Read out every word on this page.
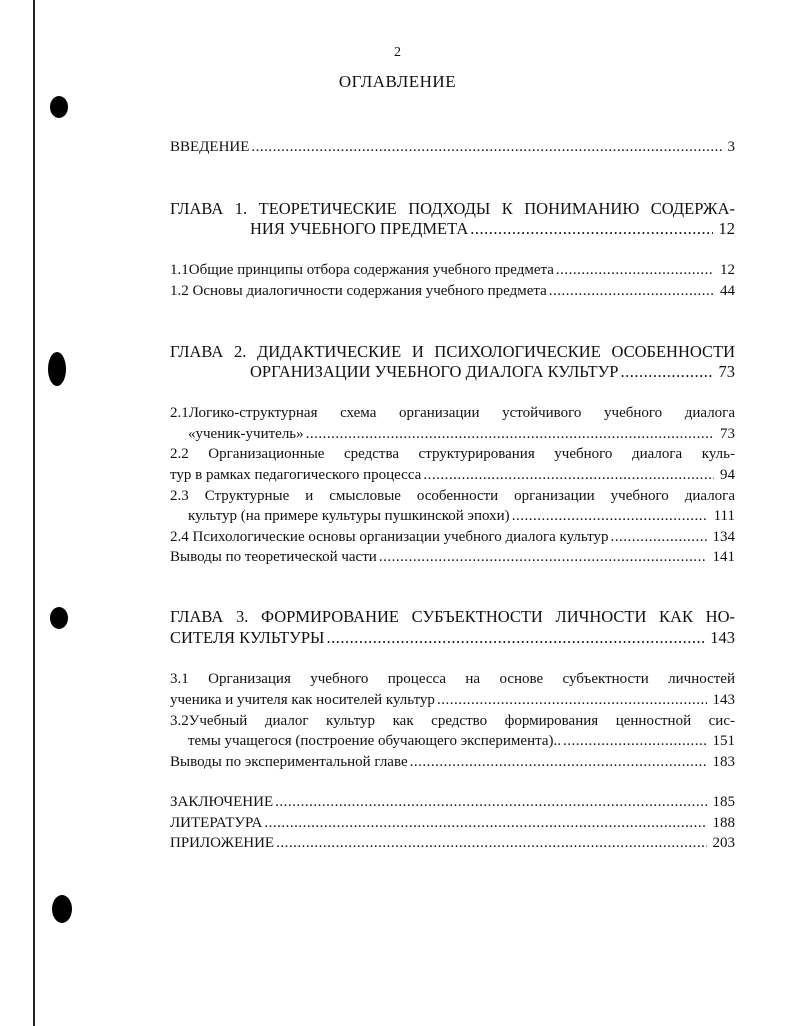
2
ОГЛАВЛЕНИЕ
ВВЕДЕНИЕ .....	3
ГЛАВА 1. ТЕОРЕТИЧЕСКИЕ ПОДХОДЫ К ПОНИМАНИЮ СОДЕРЖА-
НИЯ УЧЕБНОГО ПРЕДМЕТА .....	12
1.1Общие принципы отбора содержания учебного предмета .....	12
1.2 Основы диалогичности содержания учебного предмета .....	44
ГЛАВА 2. ДИДАКТИЧЕСКИЕ И ПСИХОЛОГИЧЕСКИЕ ОСОБЕННОСТИ
ОРГАНИЗАЦИИ УЧЕБНОГО ДИАЛОГА КУЛЬТУР .....	73
2.1Логико-структурная схема организации устойчивого учебного диалога
«ученик-учитель» .....	73
2.2 Организационные средства структурирования учебного диалога куль-
тур в рамках педагогического процесса .....	94
2.3 Структурные и смысловые особенности организации учебного диалога
культур (на примере культуры пушкинской эпохи) .....	111
2.4 Психологические основы организации учебного диалога культур .....	134
Выводы по теоретической части .....	141
ГЛАВА 3. ФОРМИРОВАНИЕ СУБЪЕКТНОСТИ ЛИЧНОСТИ КАК НО-
СИТЕЛЯ КУЛЬТУРЫ .....	143
3.1 Организация учебного процесса на основе субъектности личностей
ученика и учителя как носителей культур .....	143
3.2Учебный диалог культур как средство формирования ценностной сис-
темы учащегося (построение обучающего эксперимента).. .....	151
Выводы по экспериментальной главе .....	183
ЗАКЛЮЧЕНИЕ .....	185
ЛИТЕРАТУРА .....	188
ПРИЛОЖЕНИЕ .....	203
